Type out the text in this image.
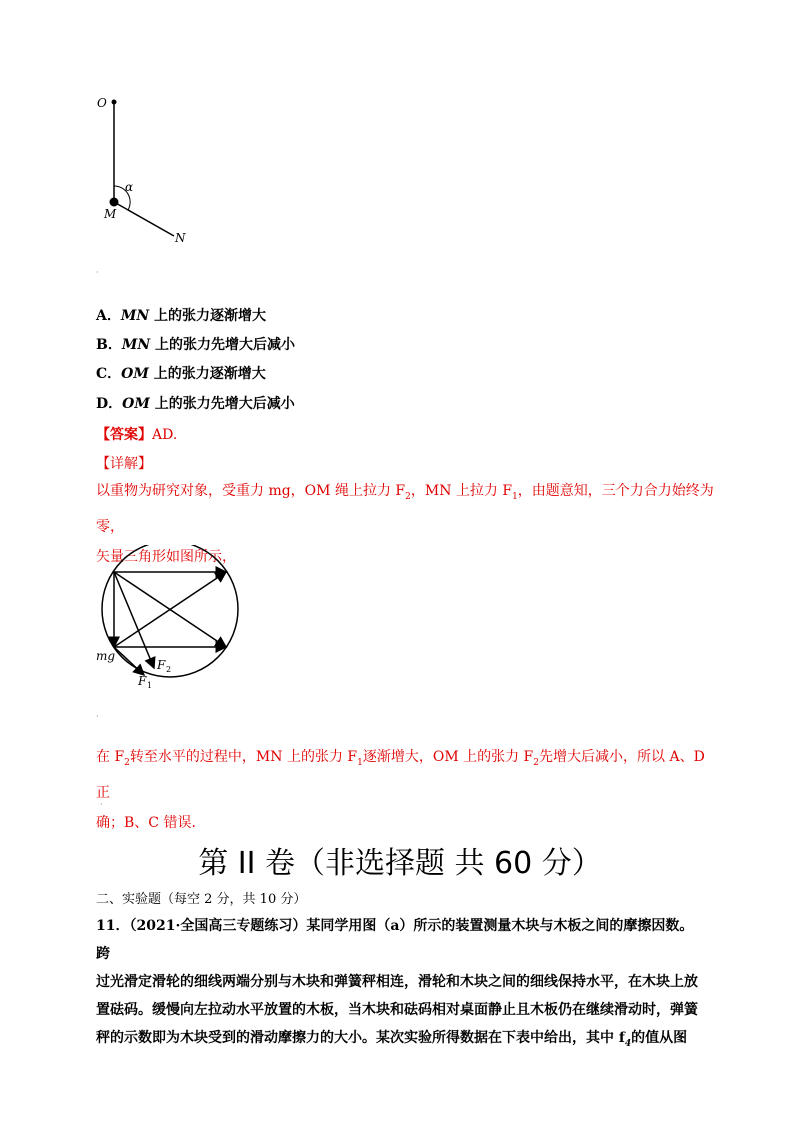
O
α
M
N
·
A．MN 上的张力逐渐增大
B．MN 上的张力先增大后减小
C．OM 上的张力逐渐增大
D．OM 上的张力先增大后减小
【答案】AD.
【详解】
以重物为研究对象，受重力 mg，OM 绳上拉力 $F_2$，MN 上拉力 $F_1$，由题意知，三个力合力始终为零，
矢量三角形如图所示，
mg
F 2
F 1
·
在 $F_2$转至水平的过程中，MN 上的张力 $F_1$逐渐增大，OM 上的张力 $F_2$先增大后减小，所以 A、D 正
确；B、C 错误．
·
第 II 卷（非选择题 共 60 分）
二、实验题（每空 2 分，共 10 分）
11．（2021·全国高三专题练习）某同学用图（a）所示的装置测量木块与木板之间的摩擦因数。跨
过光滑定滑轮的细线两端分别与木块和弹簧秤相连，滑轮和木块之间的细线保持水平，在木块上放
置砝码。缓慢向左拉动水平放置的木板，当木块和砝码相对桌面静止且木板仍在继续滑动时，弹簧
秤的示数即为木块受到的滑动摩擦力的大小。某次实验所得数据在下表中给出，其中 $f_4$的值从图
